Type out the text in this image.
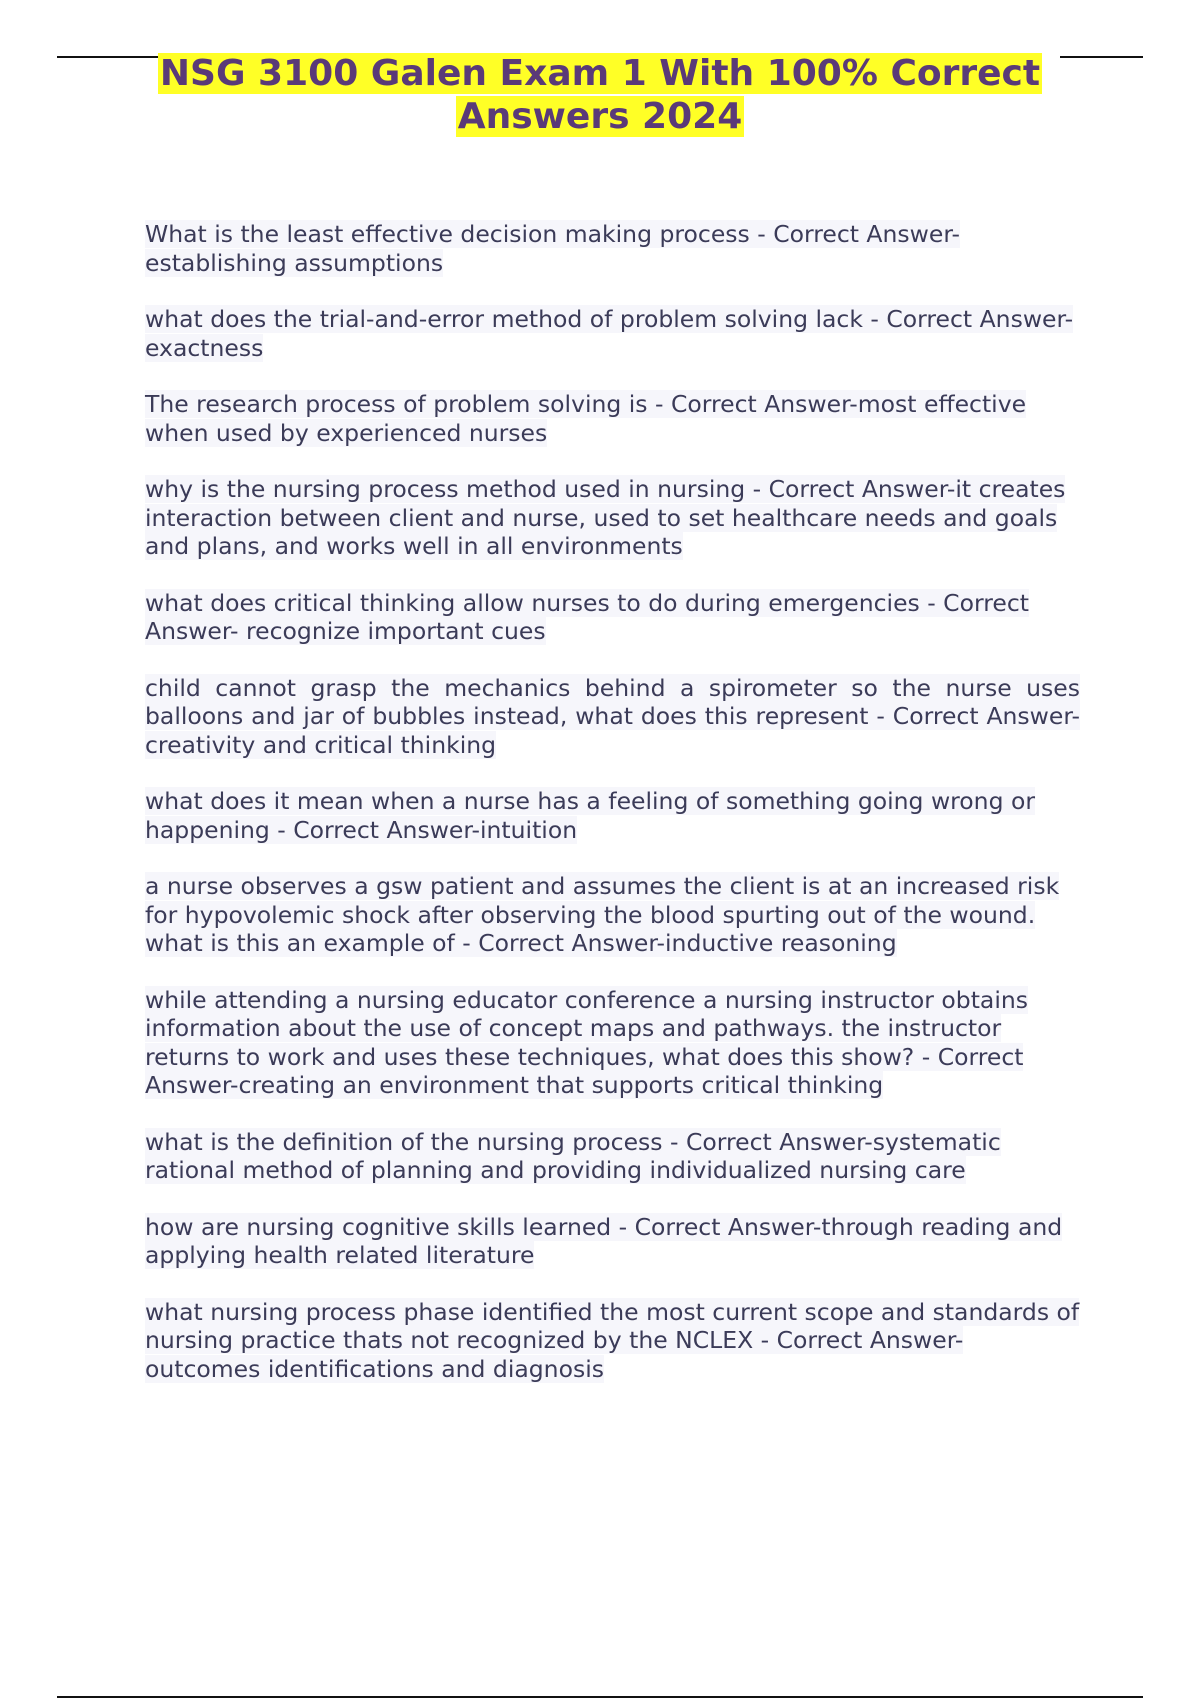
NSG 3100 Galen Exam 1 With 100% Correct Answers 2024

What is the least effective decision making process - Correct Answer- establishing assumptions

what does the trial-and-error method of problem solving lack - Correct Answer- exactness

The research process of problem solving is - Correct Answer-most effective when used by experienced nurses

why is the nursing process method used in nursing - Correct Answer-it creates interaction between client and nurse, used to set healthcare needs and goals and plans, and works well in all environments

what does critical thinking allow nurses to do during emergencies - Correct Answer- recognize important cues

child cannot grasp the mechanics behind a spirometer so the nurse uses balloons and jar of bubbles instead, what does this represent - Correct Answer-creativity and critical thinking

what does it mean when a nurse has a feeling of something going wrong or happening - Correct Answer-intuition

a nurse observes a gsw patient and assumes the client is at an increased risk for hypovolemic shock after observing the blood spurting out of the wound. what is this an example of - Correct Answer-inductive reasoning

while attending a nursing educator conference a nursing instructor obtains information about the use of concept maps and pathways. the instructor returns to work and uses these techniques, what does this show? - Correct Answer-creating an environment that supports critical thinking

what is the definition of the nursing process - Correct Answer-systematic rational method of planning and providing individualized nursing care

how are nursing cognitive skills learned - Correct Answer-through reading and applying health related literature

what nursing process phase identified the most current scope and standards of nursing practice thats not recognized by the NCLEX - Correct Answer- outcomes identifications and diagnosis
